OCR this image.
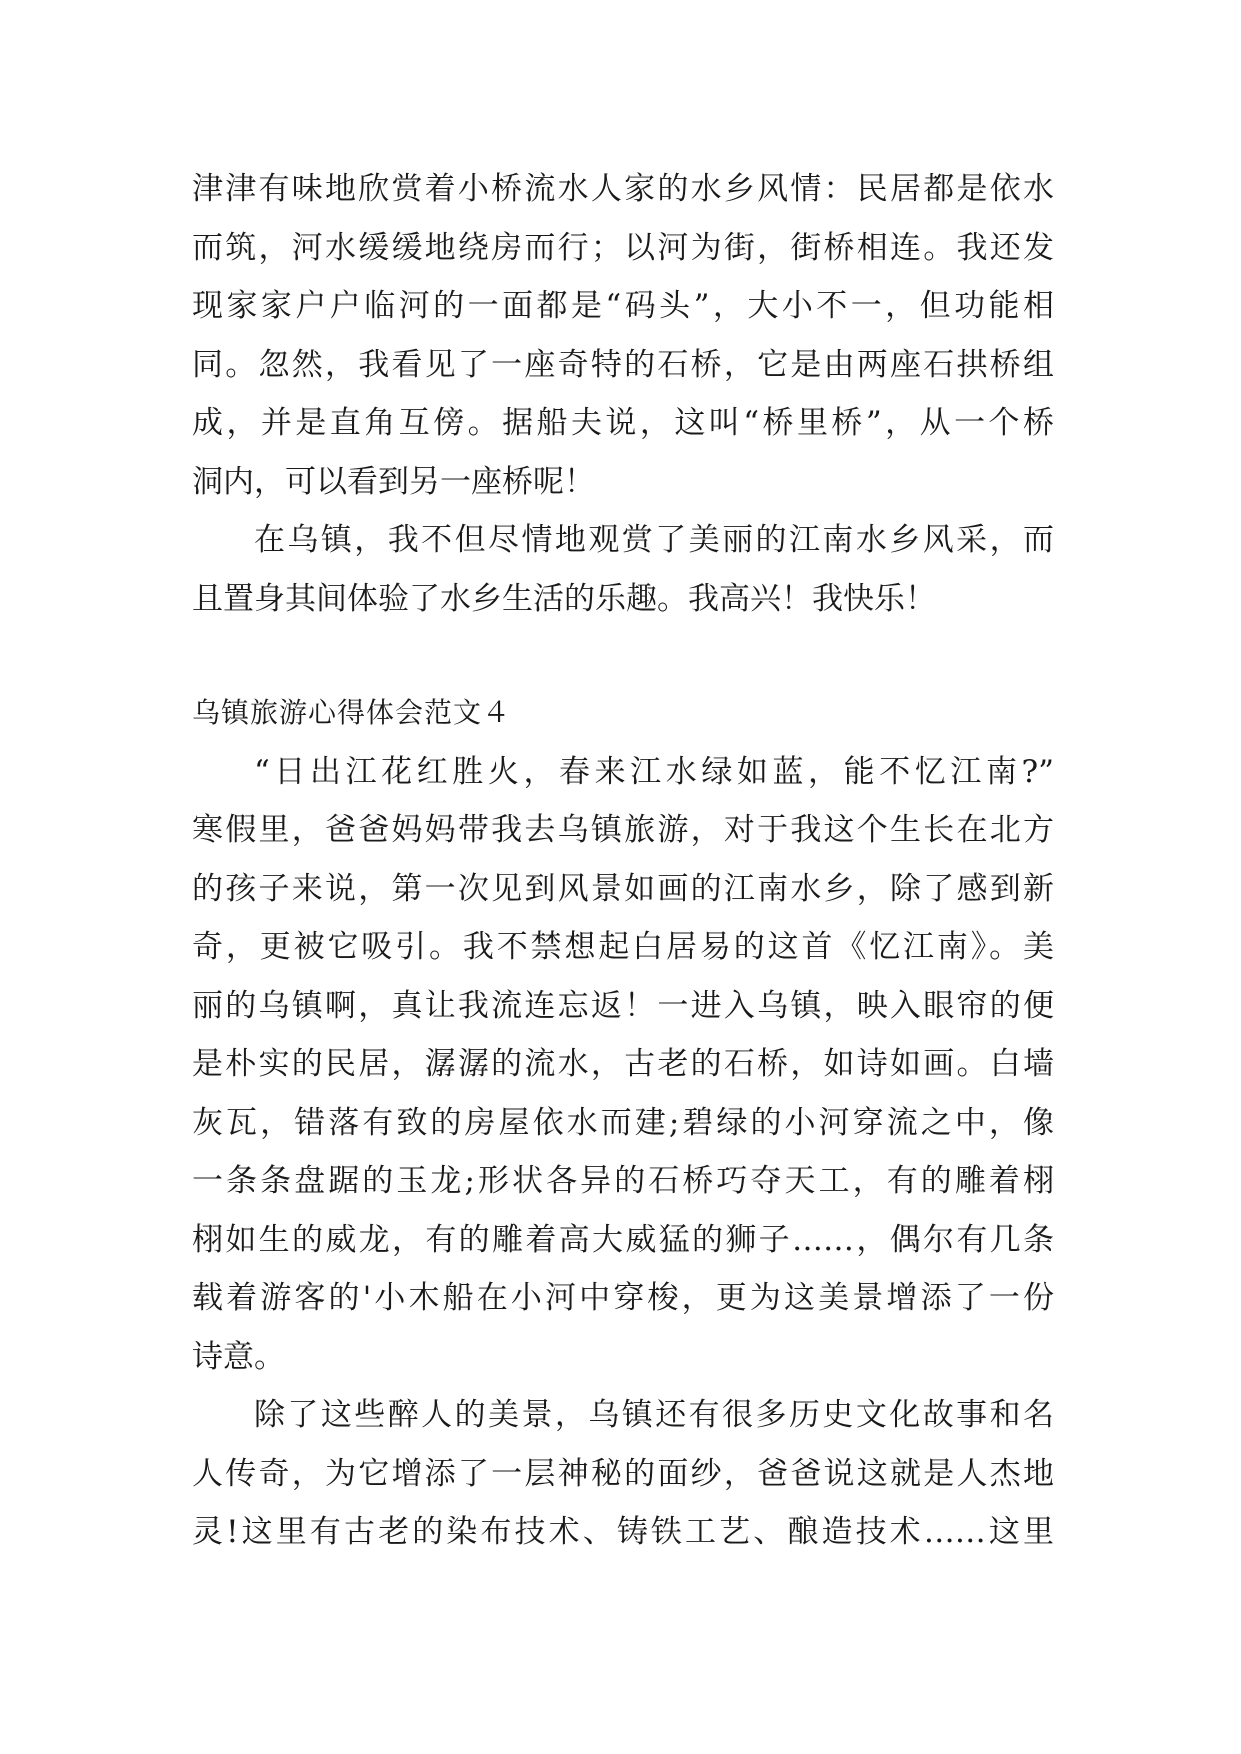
津津有味地欣赏着小桥流水人家的水乡风情：民居都是依水
而筑，河水缓缓地绕房而行；以河为街，街桥相连。我还发
现家家户户临河的一面都是“码头”，大小不一，但功能相
同。忽然，我看见了一座奇特的石桥，它是由两座石拱桥组
成，并是直角互傍。据船夫说，这叫“桥里桥”，从一个桥
洞内，可以看到另一座桥呢！
在乌镇，我不但尽情地观赏了美丽的江南水乡风采，而
且置身其间体验了水乡生活的乐趣。我高兴！我快乐！
乌镇旅游心得体会范文４
“日出江花红胜火，春来江水绿如蓝，能不忆江南?”
寒假里，爸爸妈妈带我去乌镇旅游，对于我这个生长在北方
的孩子来说，第一次见到风景如画的江南水乡，除了感到新
奇，更被它吸引。我不禁想起白居易的这首《忆江南》。美
丽的乌镇啊，真让我流连忘返！一进入乌镇，映入眼帘的便
是朴实的民居，潺潺的流水，古老的石桥，如诗如画。白墙
灰瓦，错落有致的房屋依水而建;碧绿的小河穿流之中，像
一条条盘踞的玉龙;形状各异的石桥巧夺天工，有的雕着栩
栩如生的威龙，有的雕着高大威猛的狮子……，偶尔有几条
载着游客的'小木船在小河中穿梭，更为这美景增添了一份
诗意。
除了这些醉人的美景，乌镇还有很多历史文化故事和名
人传奇，为它增添了一层神秘的面纱，爸爸说这就是人杰地
灵!这里有古老的染布技术、铸铁工艺、酿造技术……这里
